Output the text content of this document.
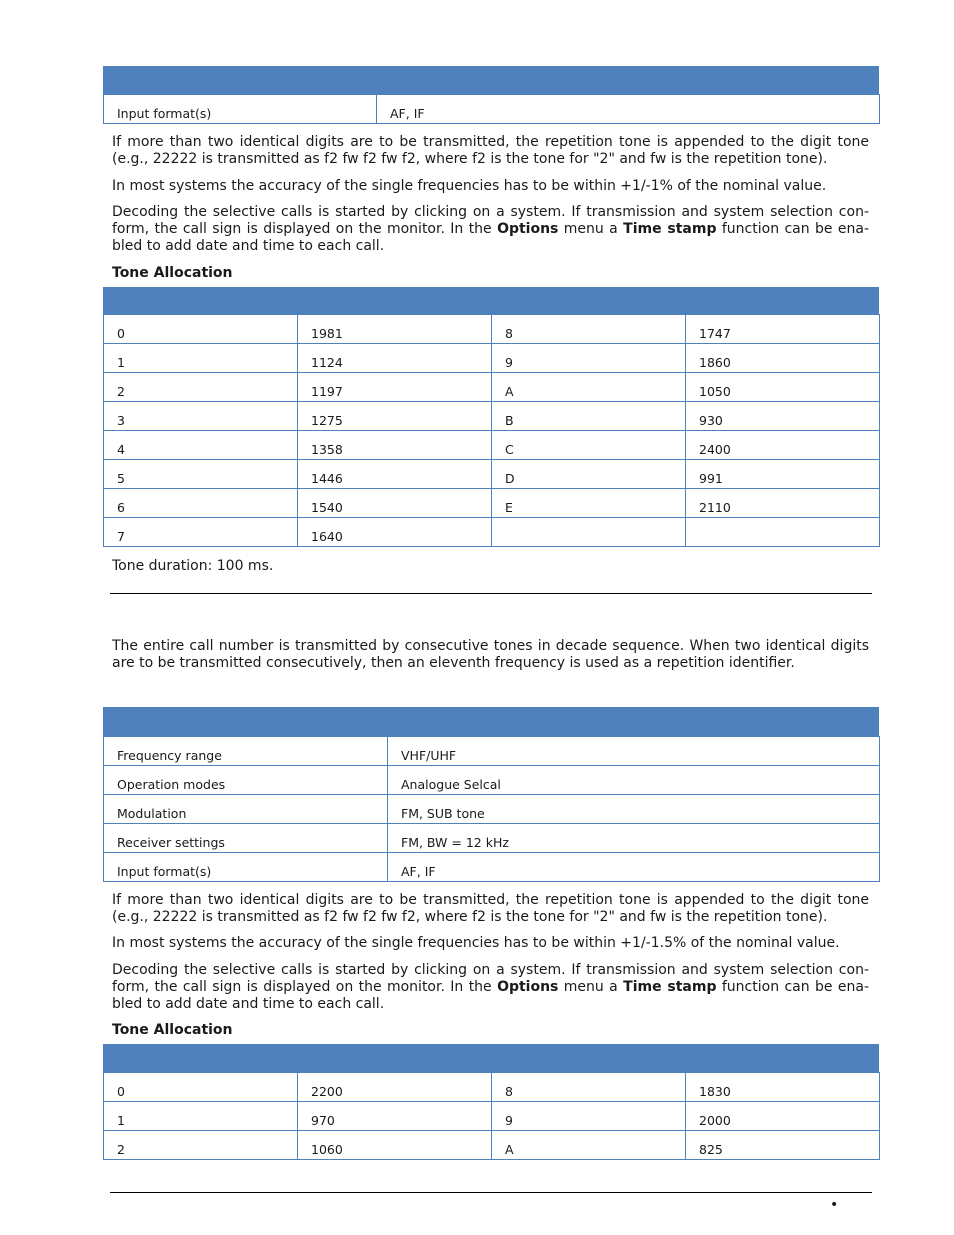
Input format(s)	AF, IF
If more than two identical digits are to be transmitted, the repetition tone is appended to the digit tone (e.g., 22222 is transmitted as f2 fw f2 fw f2, where f2 is the tone for "2" and fw is the repetition tone).
In most systems the accuracy of the single frequencies has to be within +1/-1% of the nominal value.
Decoding the selective calls is started by clicking on a system. If transmission and system selection con-form, the call sign is displayed on the monitor. In the Options menu a Time stamp function can be ena-bled to add date and time to each call.
Tone Allocation
0	1981	8	1747
1	1124	9	1860
2	1197	A	1050
3	1275	B	930
4	1358	C	2400
5	1446	D	991
6	1540	E	2110
7	1640		
Tone duration: 100 ms.
The entire call number is transmitted by consecutive tones in decade sequence. When two identical digits are to be transmitted consecutively, then an eleventh frequency is used as a repetition identifier.
Frequency range	VHF/UHF
Operation modes	Analogue Selcal
Modulation	FM, SUB tone
Receiver settings	FM, BW = 12 kHz
Input format(s)	AF, IF
If more than two identical digits are to be transmitted, the repetition tone is appended to the digit tone (e.g., 22222 is transmitted as f2 fw f2 fw f2, where f2 is the tone for "2" and fw is the repetition tone).
In most systems the accuracy of the single frequencies has to be within +1/-1.5% of the nominal value.
Decoding the selective calls is started by clicking on a system. If transmission and system selection con-form, the call sign is displayed on the monitor. In the Options menu a Time stamp function can be ena-bled to add date and time to each call.
Tone Allocation
0	2200	8	1830
1	970	9	2000
2	1060	A	825
•
